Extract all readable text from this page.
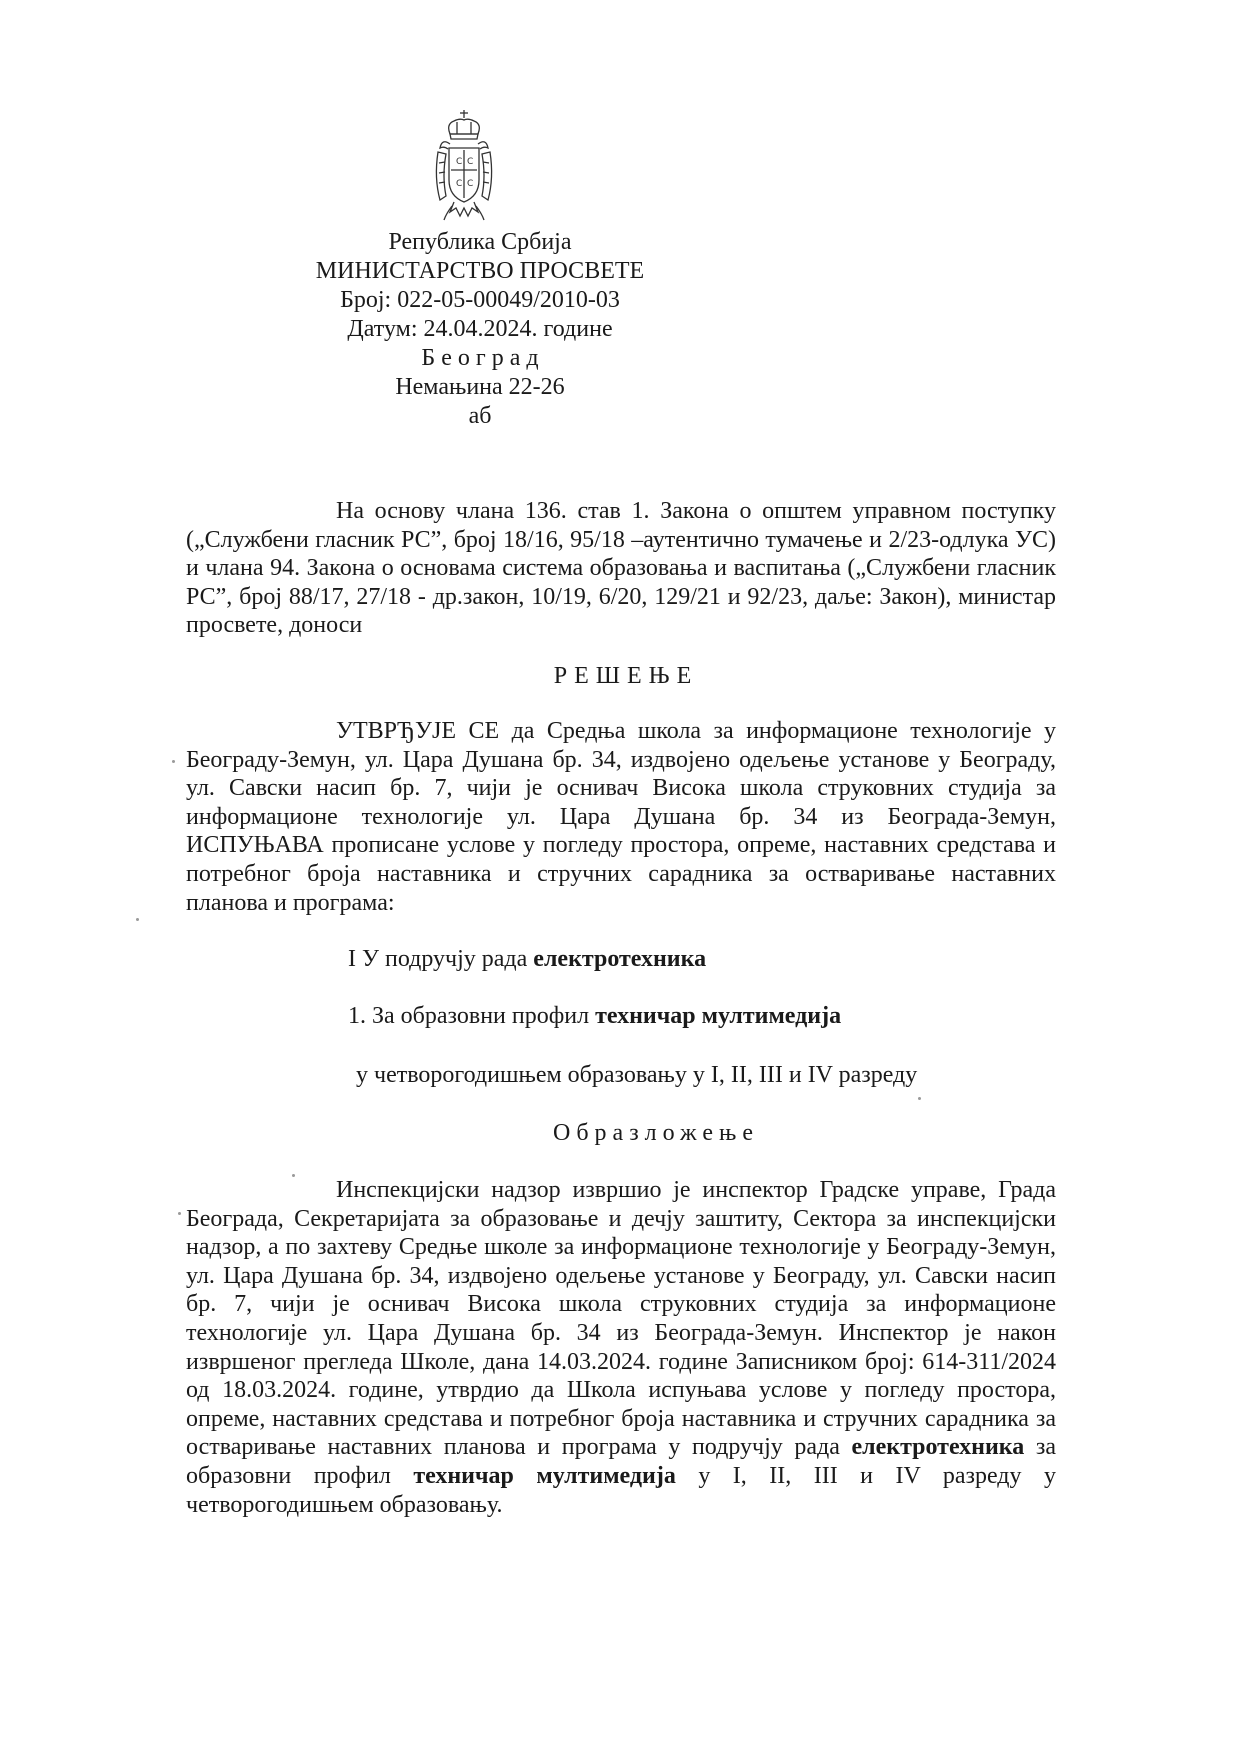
С С
С С
Република Србија
МИНИСТАРСТВО ПРОСВЕТЕ
Број: 022-05-00049/2010-03
Датум: 24.04.2024. године
Б е о г р а д
Немањина 22-26
аб

На основу члана 136. став 1. Закона о општем управном поступку („Службени гласник РС”, број 18/16, 95/18 –аутентично тумачење и 2/23-одлука УС) и члана 94. Закона о основама система образовања и васпитања („Службени гласник РС”, број 88/17, 27/18 - др.закон, 10/19, 6/20, 129/21 и 92/23, даље: Закон), министар просвете, доноси

РЕШЕЊЕ

УТВРЂУЈЕ СЕ да Средња школа за информационе технологије у Београду-Земун, ул. Цара Душана бр. 34, издвојено одељење установе у Београду, ул. Савски насип бр. 7, чији је оснивач Висока школа струковних студија за информационе технологије ул. Цара Душана бр. 34 из Београда-Земун, ИСПУЊАВА прописане услове у погледу простора, опреме, наставних средстава и потребног броја наставника и стручних сарадника за остваривање наставних планова и програма:

I У подручју рада електротехника
1. За образовни профил техничар мултимедија
у четворогодишњем образовању у I, II, III и IV разреду
Образложење

Инспекцијски надзор извршио је инспектор Градске управе, Града Београда, Секретаријата за образовање и дечју заштиту, Сектора за инспекцијски надзор, а по захтеву Средње школе за информационе технологије у Београду-Земун, ул. Цара Душана бр. 34, издвојено одељење установе у Београду, ул. Савски насип бр. 7, чији је оснивач Висока школа струковних студија за информационе технологије ул. Цара Душана бр. 34 из Београда-Земун. Инспектор је након извршеног прегледа Школе, дана 14.03.2024. године Записником број: 614-311/2024 од 18.03.2024. године, утврдио да Школа испуњава услове у погледу простора, опреме, наставних средстава и потребног броја наставника и стручних сарадника за остваривање наставних планова и програма у подручју рада електротехника за образовни профил техничар мултимедија у I, II, III и IV разреду у четворогодишњем образовању.
